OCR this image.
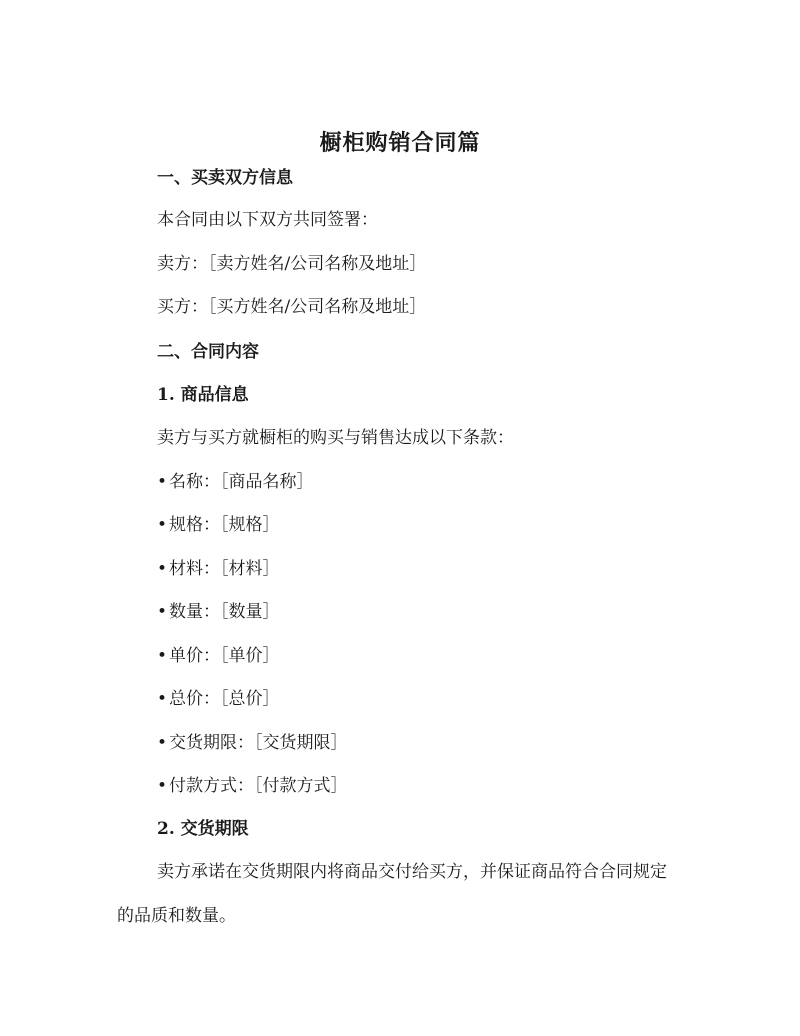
橱柜购销合同篇
一、买卖双方信息
本合同由以下双方共同签署：
卖方：［卖方姓名/公司名称及地址］
买方：［买方姓名/公司名称及地址］
二、合同内容
1. 商品信息
卖方与买方就橱柜的购买与销售达成以下条款：
• 名称：［商品名称］
• 规格：［规格］
• 材料：［材料］
• 数量：［数量］
• 单价：［单价］
• 总价：［总价］
• 交货期限：［交货期限］
• 付款方式：［付款方式］
2. 交货期限
卖方承诺在交货期限内将商品交付给买方，并保证商品符合合同规定的品质和数量。
